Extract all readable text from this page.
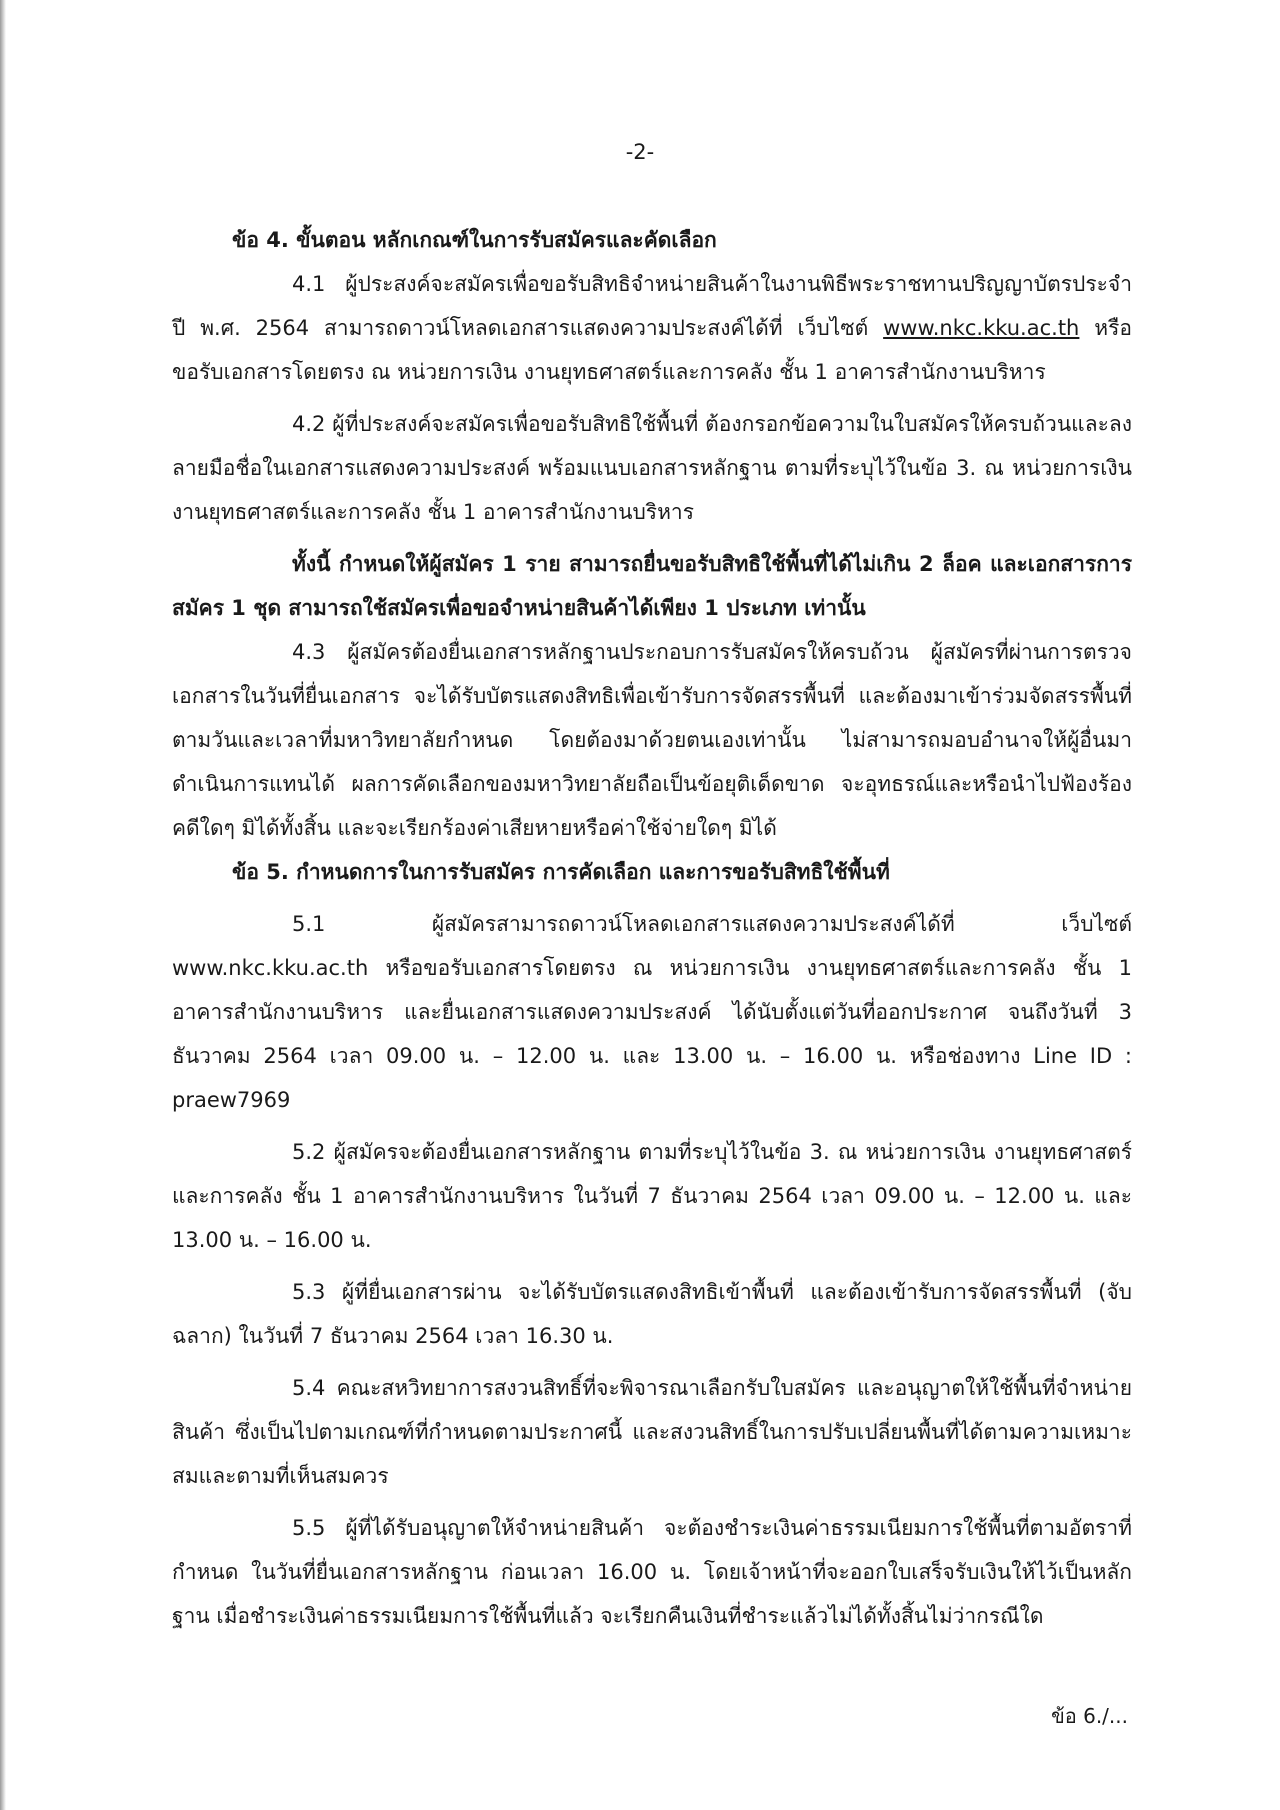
-2-

ข้อ 4. ขั้นตอน หลักเกณฑ์ในการรับสมัครและคัดเลือก

4.1 ผู้ประสงค์จะสมัครเพื่อขอรับสิทธิจำหน่ายสินค้าในงานพิธีพระราชทานปริญญาบัตรประจำปี พ.ศ. 2564 สามารถดาวน์โหลดเอกสารแสดงความประสงค์ได้ที่ เว็บไซต์ www.nkc.kku.ac.th หรือขอรับเอกสารโดยตรง ณ หน่วยการเงิน งานยุทธศาสตร์และการคลัง ชั้น 1 อาคารสำนักงานบริหาร

4.2 ผู้ที่ประสงค์จะสมัครเพื่อขอรับสิทธิใช้พื้นที่ ต้องกรอกข้อความในใบสมัครให้ครบถ้วนและลงลายมือชื่อในเอกสารแสดงความประสงค์ พร้อมแนบเอกสารหลักฐาน ตามที่ระบุไว้ในข้อ 3. ณ หน่วยการเงิน งานยุทธศาสตร์และการคลัง ชั้น 1 อาคารสำนักงานบริหาร

ทั้งนี้ กำหนดให้ผู้สมัคร 1 ราย สามารถยื่นขอรับสิทธิใช้พื้นที่ได้ไม่เกิน 2 ล็อค และเอกสารการสมัคร 1 ชุด สามารถใช้สมัครเพื่อขอจำหน่ายสินค้าได้เพียง 1 ประเภท เท่านั้น

4.3 ผู้สมัครต้องยื่นเอกสารหลักฐานประกอบการรับสมัครให้ครบถ้วน ผู้สมัครที่ผ่านการตรวจเอกสารในวันที่ยื่นเอกสาร จะได้รับบัตรแสดงสิทธิเพื่อเข้ารับการจัดสรรพื้นที่ และต้องมาเข้าร่วมจัดสรรพื้นที่ตามวันและเวลาที่มหาวิทยาลัยกำหนด โดยต้องมาด้วยตนเองเท่านั้น ไม่สามารถมอบอำนาจให้ผู้อื่นมาดำเนินการแทนได้ ผลการคัดเลือกของมหาวิทยาลัยถือเป็นข้อยุติเด็ดขาด จะอุทธรณ์และหรือนำไปฟ้องร้องคดีใดๆ มิได้ทั้งสิ้น และจะเรียกร้องค่าเสียหายหรือค่าใช้จ่ายใดๆ มิได้

ข้อ 5. กำหนดการในการรับสมัคร การคัดเลือก และการขอรับสิทธิใช้พื้นที่

5.1 ผู้สมัครสามารถดาวน์โหลดเอกสารแสดงความประสงค์ได้ที่ เว็บไซต์ www.nkc.kku.ac.th หรือขอรับเอกสารโดยตรง ณ หน่วยการเงิน งานยุทธศาสตร์และการคลัง ชั้น 1 อาคารสำนักงานบริหาร และยื่นเอกสารแสดงความประสงค์ ได้นับตั้งแต่วันที่ออกประกาศ จนถึงวันที่ 3 ธันวาคม 2564 เวลา 09.00 น. – 12.00 น. และ 13.00 น. – 16.00 น. หรือช่องทาง Line ID : praew7969

5.2 ผู้สมัครจะต้องยื่นเอกสารหลักฐาน ตามที่ระบุไว้ในข้อ 3. ณ หน่วยการเงิน งานยุทธศาสตร์และการคลัง ชั้น 1 อาคารสำนักงานบริหาร ในวันที่ 7 ธันวาคม 2564 เวลา 09.00 น. – 12.00 น. และ 13.00 น. – 16.00 น.

5.3 ผู้ที่ยื่นเอกสารผ่าน จะได้รับบัตรแสดงสิทธิเข้าพื้นที่ และต้องเข้ารับการจัดสรรพื้นที่ (จับฉลาก) ในวันที่ 7 ธันวาคม 2564 เวลา 16.30 น.

5.4 คณะสหวิทยาการสงวนสิทธิ์ที่จะพิจารณาเลือกรับใบสมัคร และอนุญาตให้ใช้พื้นที่จำหน่ายสินค้า ซึ่งเป็นไปตามเกณฑ์ที่กำหนดตามประกาศนี้ และสงวนสิทธิ์ในการปรับเปลี่ยนพื้นที่ได้ตามความเหมาะสมและตามที่เห็นสมควร

5.5 ผู้ที่ได้รับอนุญาตให้จำหน่ายสินค้า จะต้องชำระเงินค่าธรรมเนียมการใช้พื้นที่ตามอัตราที่กำหนด ในวันที่ยื่นเอกสารหลักฐาน ก่อนเวลา 16.00 น. โดยเจ้าหน้าที่จะออกใบเสร็จรับเงินให้ไว้เป็นหลักฐาน เมื่อชำระเงินค่าธรรมเนียมการใช้พื้นที่แล้ว จะเรียกคืนเงินที่ชำระแล้วไม่ได้ทั้งสิ้นไม่ว่ากรณีใด

ข้อ 6./...
